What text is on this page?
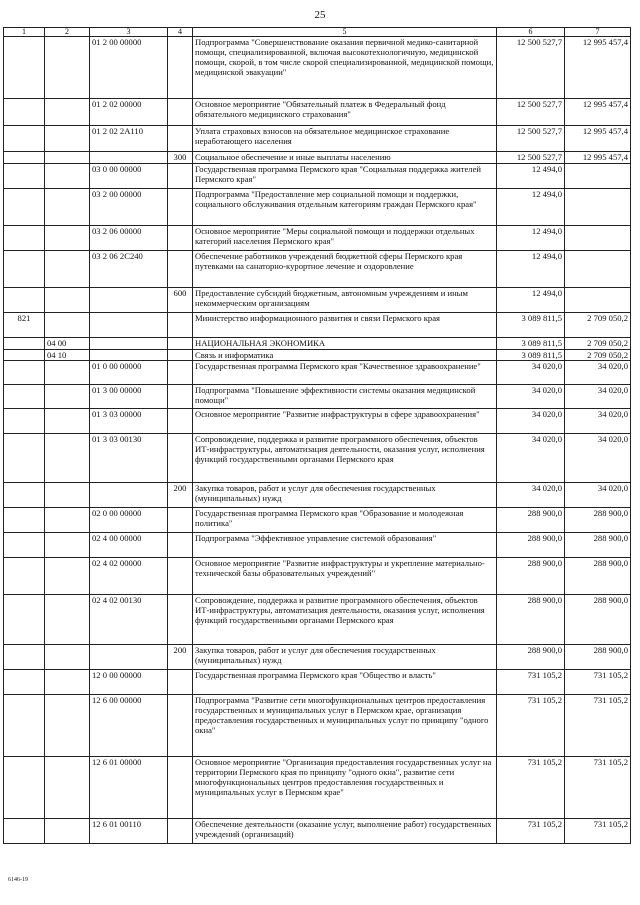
25
1	2	3	4	5	6	7
		01 2 00 00000		Подпрограмма "Совершенствование оказания первичной медико-санитарной помощи, специализированной, включая высокотехнологичную, медицинской помощи, скорой, в том числе скорой специализированной, медицинской помощи, медицинской эвакуации"	12 500 527,7	12 995 457,4
		01 2 02 00000		Основное мероприятие "Обязательный платеж в Федеральный фонд обязательного медицинского страхования"	12 500 527,7	12 995 457,4
		01 2 02 2А110		Уплата страховых взносов на обязательное медицинское страхование неработающего населения	12 500 527,7	12 995 457,4
			300	Социальное обеспечение и иные выплаты населению	12 500 527,7	12 995 457,4
		03 0 00 00000		Государственная программа Пермского края "Социальная поддержка жителей Пермского края"	12 494,0	
		03 2 00 00000		Подпрограмма "Предоставление мер социальной помощи и поддержки, социального обслуживания отдельным категориям граждан Пермского края"	12 494,0	
		03 2 06 00000		Основное мероприятие "Меры социальной помощи и поддержки отдельных категорий населения Пермского края"	12 494,0	
		03 2 06 2С240		Обеспечение работников учреждений бюджетной сферы Пермского края путевками на санаторно-курортное лечение и оздоровление	12 494,0	
			600	Предоставление субсидий бюджетным, автономным учреждениям и иным некоммерческим организациям	12 494,0	
821				Министерство информационного развития и связи Пермского края	3 089 811,5	2 709 050,2
	04 00			НАЦИОНАЛЬНАЯ ЭКОНОМИКА	3 089 811,5	2 709 050,2
	04 10			Связь и информатика	3 089 811,5	2 709 050,2
		01 0 00 00000		Государственная программа Пермского края "Качественное здравоохранение"	34 020,0	34 020,0
		01 3 00 00000		Подпрограмма "Повышение эффективности системы оказания медицинской помощи"	34 020,0	34 020,0
		01 3 03 00000		Основное мероприятие "Развитие инфраструктуры в сфере здравоохранения"	34 020,0	34 020,0
		01 3 03 00130		Сопровождение, поддержка и развитие программного обеспечения, объектов ИТ-инфраструктуры, автоматизация деятельности, оказания услуг, исполнения функций государственными органами Пермского края	34 020,0	34 020,0
			200	Закупка товаров, работ и услуг для обеспечения государственных (муниципальных) нужд	34 020,0	34 020,0
		02 0 00 00000		Государственная программа Пермского края "Образование и молодежная политика"	288 900,0	288 900,0
		02 4 00 00000		Подпрограмма "Эффективное управление системой образования"	288 900,0	288 900,0
		02 4 02 00000		Основное мероприятие "Развитие инфраструктуры и укрепление материально-технической базы образовательных учреждений"	288 900,0	288 900,0
		02 4 02 00130		Сопровождение, поддержка и развитие программного обеспечения, объектов ИТ-инфраструктуры, автоматизация деятельности, оказания услуг, исполнения функций государственными органами Пермского края	288 900,0	288 900,0
			200	Закупка товаров, работ и услуг для обеспечения государственных (муниципальных) нужд	288 900,0	288 900,0
		12 0 00 00000		Государственная программа Пермского края "Общество и власть"	731 105,2	731 105,2
		12 6 00 00000		Подпрограмма "Развитие сети многофункциональных центров предоставления государственных и муниципальных услуг в Пермском крае, организация предоставления государственных и муниципальных услуг по принципу "одного окна"	731 105,2	731 105,2
		12 6 01 00000		Основное мероприятие "Организация предоставления государственных услуг на территории Пермского края по принципу "одного окна", развитие сети многофункциональных центров предоставления государственных и муниципальных услуг в Пермском крае"	731 105,2	731 105,2
		12 6 01 00110		Обеспечение деятельности (оказание услуг, выполнение работ) государственных учреждений (организаций)	731 105,2	731 105,2
6146-19
